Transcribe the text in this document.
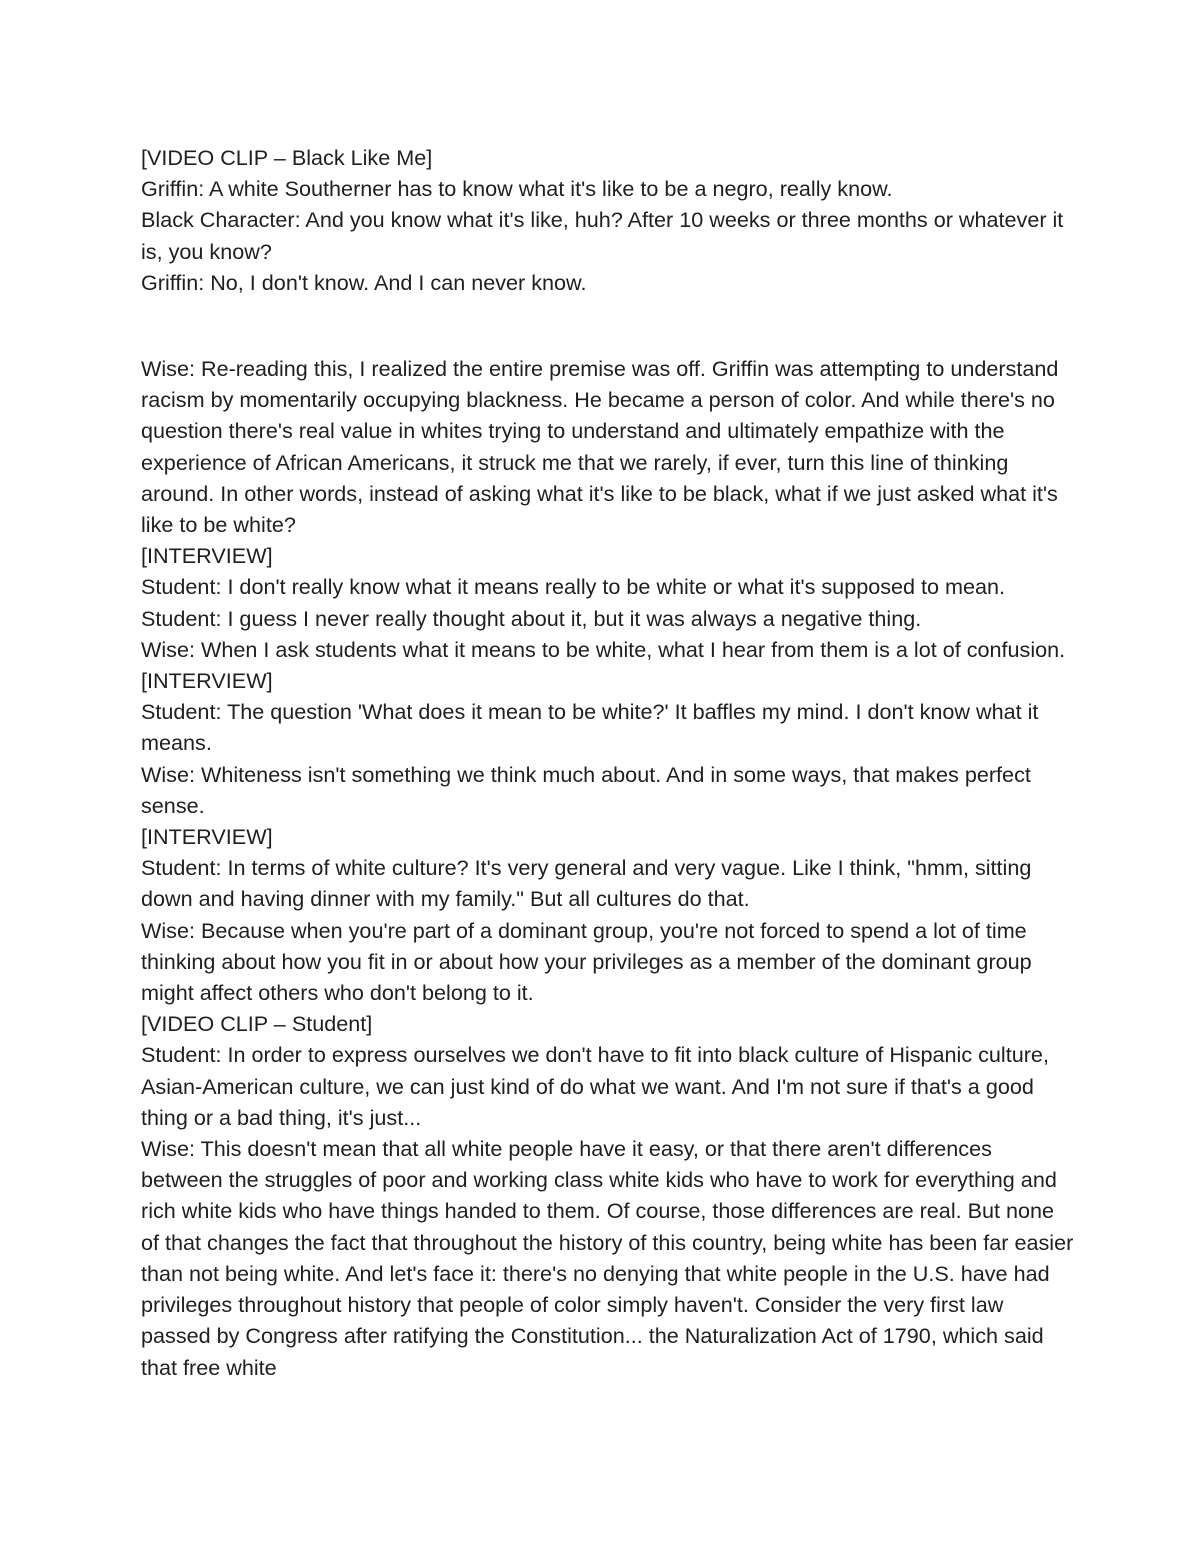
[VIDEO CLIP – Black Like Me]
Griffin: A white Southerner has to know what it's like to be a negro, really know.
Black Character: And you know what it's like, huh? After 10 weeks or three months or whatever it is, you know?
Griffin: No, I don't know. And I can never know.
Wise: Re-reading this, I realized the entire premise was off. Griffin was attempting to understand racism by momentarily occupying blackness. He became a person of color. And while there's no question there's real value in whites trying to understand and ultimately empathize with the experience of African Americans, it struck me that we rarely, if ever, turn this line of thinking around. In other words, instead of asking what it's like to be black, what if we just asked what it's like to be white?
[INTERVIEW]
Student: I don't really know what it means really to be white or what it's supposed to mean.
Student: I guess I never really thought about it, but it was always a negative thing.
Wise: When I ask students what it means to be white, what I hear from them is a lot of confusion. [INTERVIEW]
Student: The question 'What does it mean to be white?' It baffles my mind. I don't know what it means.
Wise: Whiteness isn't something we think much about. And in some ways, that makes perfect sense.
[INTERVIEW]
Student: In terms of white culture? It's very general and very vague. Like I think, "hmm, sitting down and having dinner with my family." But all cultures do that.
Wise: Because when you're part of a dominant group, you're not forced to spend a lot of time thinking about how you fit in or about how your privileges as a member of the dominant group might affect others who don't belong to it.
[VIDEO CLIP – Student]
Student: In order to express ourselves we don't have to fit into black culture of Hispanic culture, Asian-American culture, we can just kind of do what we want. And I'm not sure if that's a good thing or a bad thing, it's just...
Wise: This doesn't mean that all white people have it easy, or that there aren't differences between the struggles of poor and working class white kids who have to work for everything and rich white kids who have things handed to them. Of course, those differences are real. But none of that changes the fact that throughout the history of this country, being white has been far easier than not being white. And let's face it: there's no denying that white people in the U.S. have had privileges throughout history that people of color simply haven't. Consider the very first law passed by Congress after ratifying the Constitution... the Naturalization Act of 1790, which said that free white
